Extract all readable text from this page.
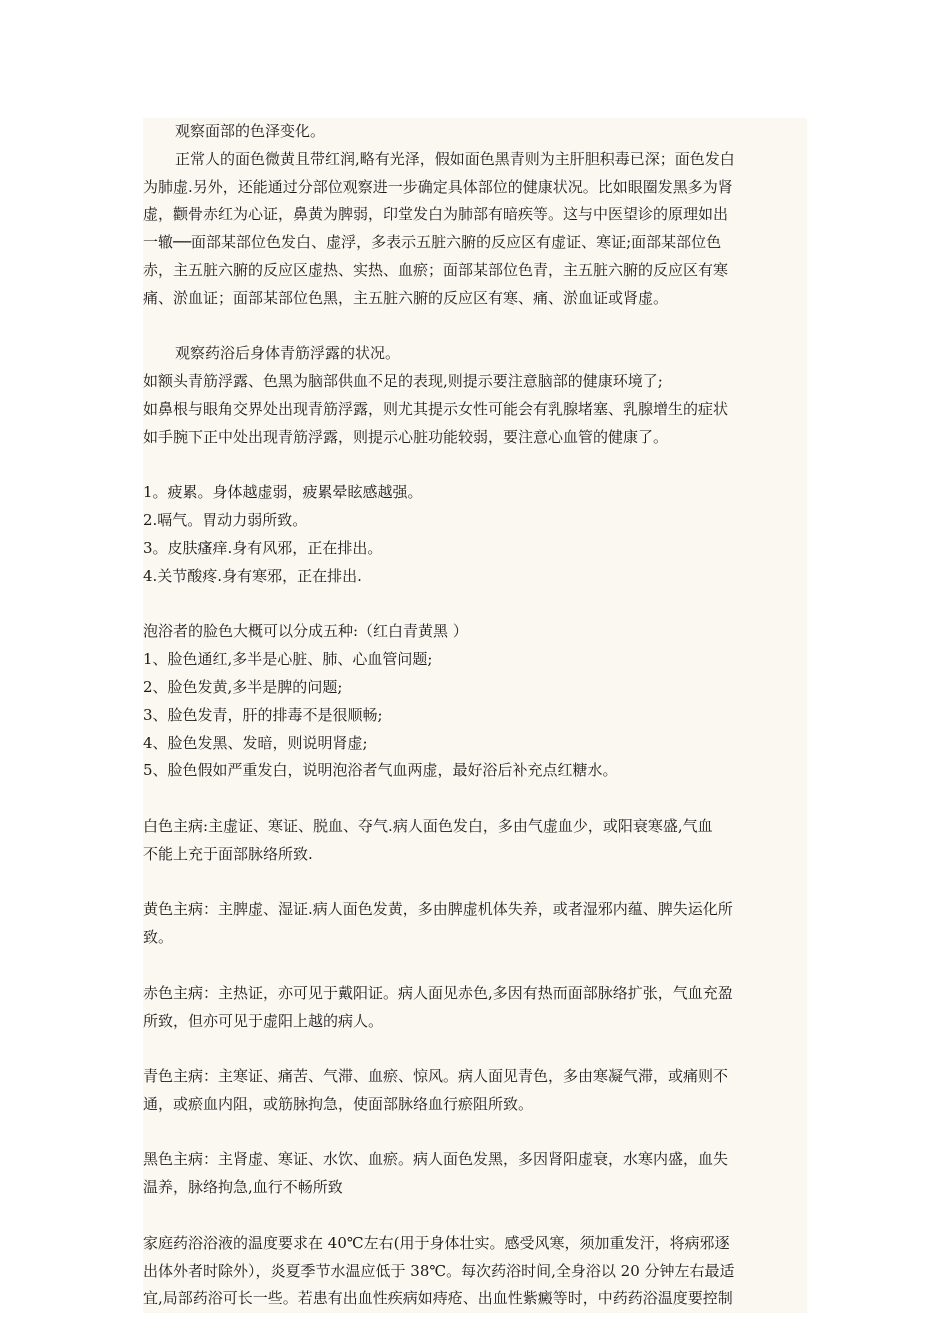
观察面部的色泽变化。
正常人的面色微黄且带红润,略有光泽，假如面色黑青则为主肝胆积毒已深；面色发白
为肺虚.另外，还能通过分部位观察进一步确定具体部位的健康状况。比如眼圈发黑多为肾
虚，颧骨赤红为心证，鼻黄为脾弱，印堂发白为肺部有暗疾等。这与中医望诊的原理如出
一辙──面部某部位色发白、虚浮，多表示五脏六腑的反应区有虚证、寒证;面部某部位色
赤，主五脏六腑的反应区虚热、实热、血瘀；面部某部位色青，主五脏六腑的反应区有寒
痛、淤血证；面部某部位色黑，主五脏六腑的反应区有寒、痛、淤血证或肾虚。
观察药浴后身体青筋浮露的状况。
如额头青筋浮露、色黑为脑部供血不足的表现,则提示要注意脑部的健康环境了;
如鼻根与眼角交界处出现青筋浮露，则尤其提示女性可能会有乳腺堵塞、乳腺增生的症状
如手腕下正中处出现青筋浮露，则提示心脏功能较弱，要注意心血管的健康了。
1。疲累。身体越虚弱，疲累晕眩感越强。
2.嗝气。胃动力弱所致。
3。皮肤瘙痒.身有风邪，正在排出。
4.关节酸疼.身有寒邪，正在排出.
泡浴者的脸色大概可以分成五种:（红白青黄黑 ）
1、脸色通红,多半是心脏、肺、心血管问题;
2、脸色发黄,多半是脾的问题;
3、脸色发青，肝的排毒不是很顺畅;
4、脸色发黑、发暗，则说明肾虚;
5、脸色假如严重发白，说明泡浴者气血两虚，最好浴后补充点红糖水。
白色主病:主虚证、寒证、脱血、夺气.病人面色发白，多由气虚血少，或阳衰寒盛,气血
不能上充于面部脉络所致.
黄色主病：主脾虚、湿证.病人面色发黄，多由脾虚机体失养，或者湿邪内蕴、脾失运化所
致。
赤色主病：主热证，亦可见于戴阳证。病人面见赤色,多因有热而面部脉络扩张，气血充盈
所致，但亦可见于虚阳上越的病人。
青色主病：主寒证、痛苦、气滞、血瘀、惊风。病人面见青色，多由寒凝气滞，或痛则不
通，或瘀血内阻，或筋脉拘急，使面部脉络血行瘀阻所致。
黑色主病：主肾虚、寒证、水饮、血瘀。病人面色发黑，多因肾阳虚衰，水寒内盛，血失
温养，脉络拘急,血行不畅所致
家庭药浴浴液的温度要求在 40℃左右(用于身体壮实。感受风寒，须加重发汗，将病邪逐
出体外者时除外），炎夏季节水温应低于 38℃。每次药浴时间,全身浴以 20 分钟左右最适
宜,局部药浴可长一些。若患有出血性疾病如痔疮、出血性紫癜等时，中药药浴温度要控制
